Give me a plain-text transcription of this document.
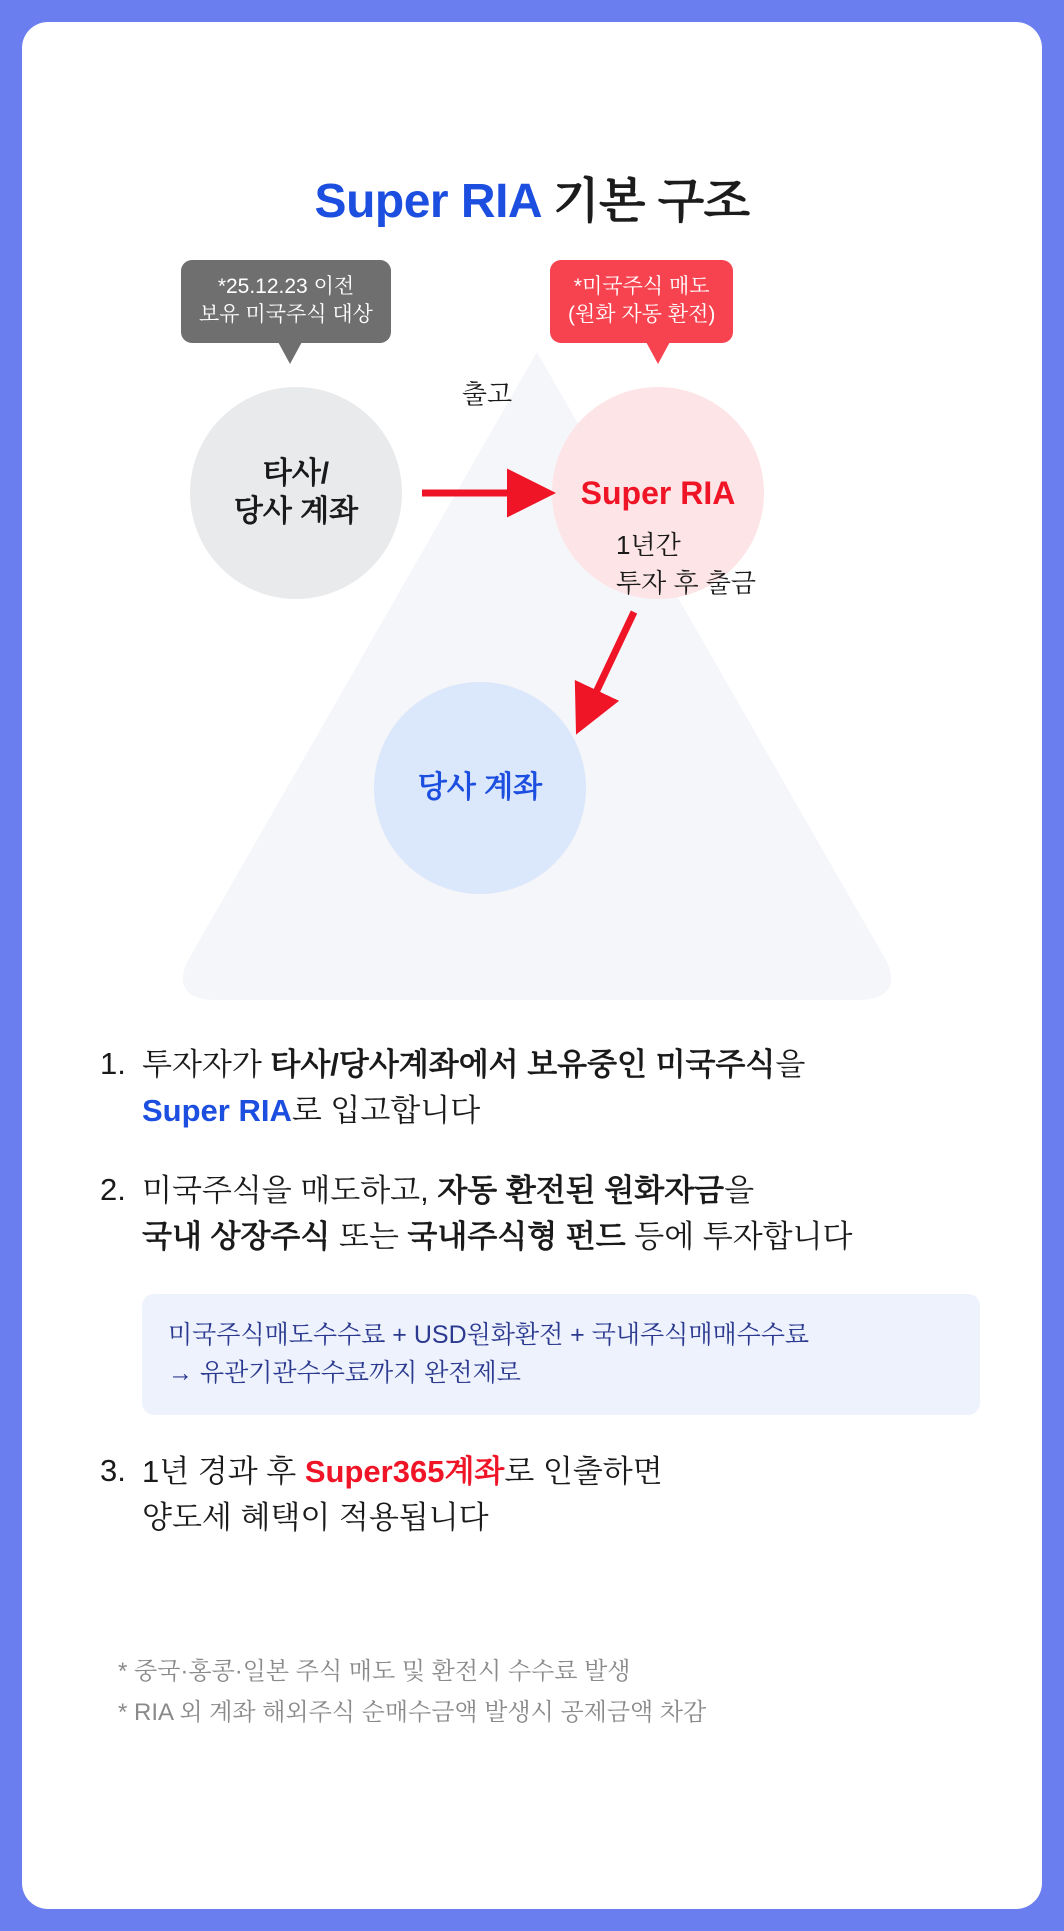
Super RIA 기본 구조
*25.12.23 이전
보유 미국주식 대상
*미국주식 매도
(원화 자동 환전)
타사/
당사 계좌
Super RIA
당사 계좌
출고
1년간
투자 후 출금
1. 투자자가 타사/당사계좌에서 보유중인 미국주식을
Super RIA로 입고합니다
2. 미국주식을 매도하고, 자동 환전된 원화자금을
국내 상장주식 또는 국내주식형 펀드 등에 투자합니다
미국주식매도수수료 + USD원화환전 + 국내주식매매수수료
→ 유관기관수수료까지 완전제로
3. 1년 경과 후 Super365계좌로 인출하면
양도세 혜택이 적용됩니다
* 중국·홍콩·일본 주식 매도 및 환전시 수수료 발생
* RIA 외 계좌 해외주식 순매수금액 발생시 공제금액 차감
